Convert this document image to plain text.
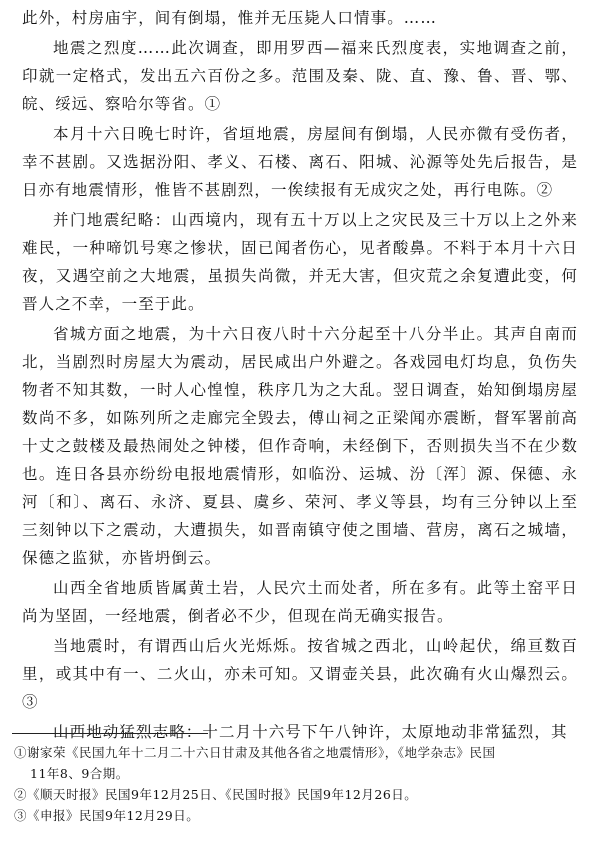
此外，村房庙宇，间有倒塌，惟并无压毙人口情事。……

地震之烈度……此次调查，即用罗西—福来氏烈度表，实地调查之前，印就一定格式，发出五六百份之多。范围及秦、陇、直、豫、鲁、晋、鄂、皖、绥远、察哈尔等省。①

本月十六日晚七时许，省垣地震，房屋间有倒塌，人民亦微有受伤者，幸不甚剧。又选据汾阳、孝义、石楼、离石、阳城、沁源等处先后报告，是日亦有地震情形，惟皆不甚剧烈，一俟续报有无成灾之处，再行电陈。②

并门地震纪略：山西境内，现有五十万以上之灾民及三十万以上之外来难民，一种啼饥号寒之惨状，固已闻者伤心，见者酸鼻。不料于本月十六日夜，又遇空前之大地震，虽损失尚微，并无大害，但灾荒之余复遭此变，何晋人之不幸，一至于此。

省城方面之地震，为十六日夜八时十六分起至十八分半止。其声自南而北，当剧烈时房屋大为震动，居民咸出户外避之。各戏园电灯均息，负伤失物者不知其数，一时人心惶惶，秩序几为之大乱。翌日调查，始知倒塌房屋数尚不多，如陈列所之走廊完全毁去，傅山祠之正梁闻亦震断，督军署前高十丈之鼓楼及最热闹处之钟楼，但作奇响，未经倒下，否则损失当不在少数也。连日各县亦纷纷电报地震情形，如临汾、运城、汾〔浑〕源、保德、永河〔和〕、离石、永济、夏县、虞乡、荣河、孝义等县，均有三分钟以上至三刻钟以下之震动，大遭损失，如晋南镇守使之围墙、营房，离石之城墙，保德之监狱，亦皆坍倒云。

山西全省地质皆属黄土岩，人民穴土而处者，所在多有。此等土窑平日尚为坚固，一经地震，倒者必不少，但现在尚无确实报告。

当地震时，有谓西山后火光烁烁。按省城之西北，山岭起伏，绵亘数百里，或其中有一、二火山，亦未可知。又谓壶关县，此次确有火山爆烈云。③

山西地动猛烈志略：十二月十六号下午八钟许，太原地动非常猛烈，其

①谢家荣《民国九年十二月二十六日甘肃及其他各省之地震情形》，《地学杂志》民国
11年8、9合期。

②《顺天时报》民国9年12月25日、《民国时报》民国9年12月26日。

③《申报》民国9年12月29日。
